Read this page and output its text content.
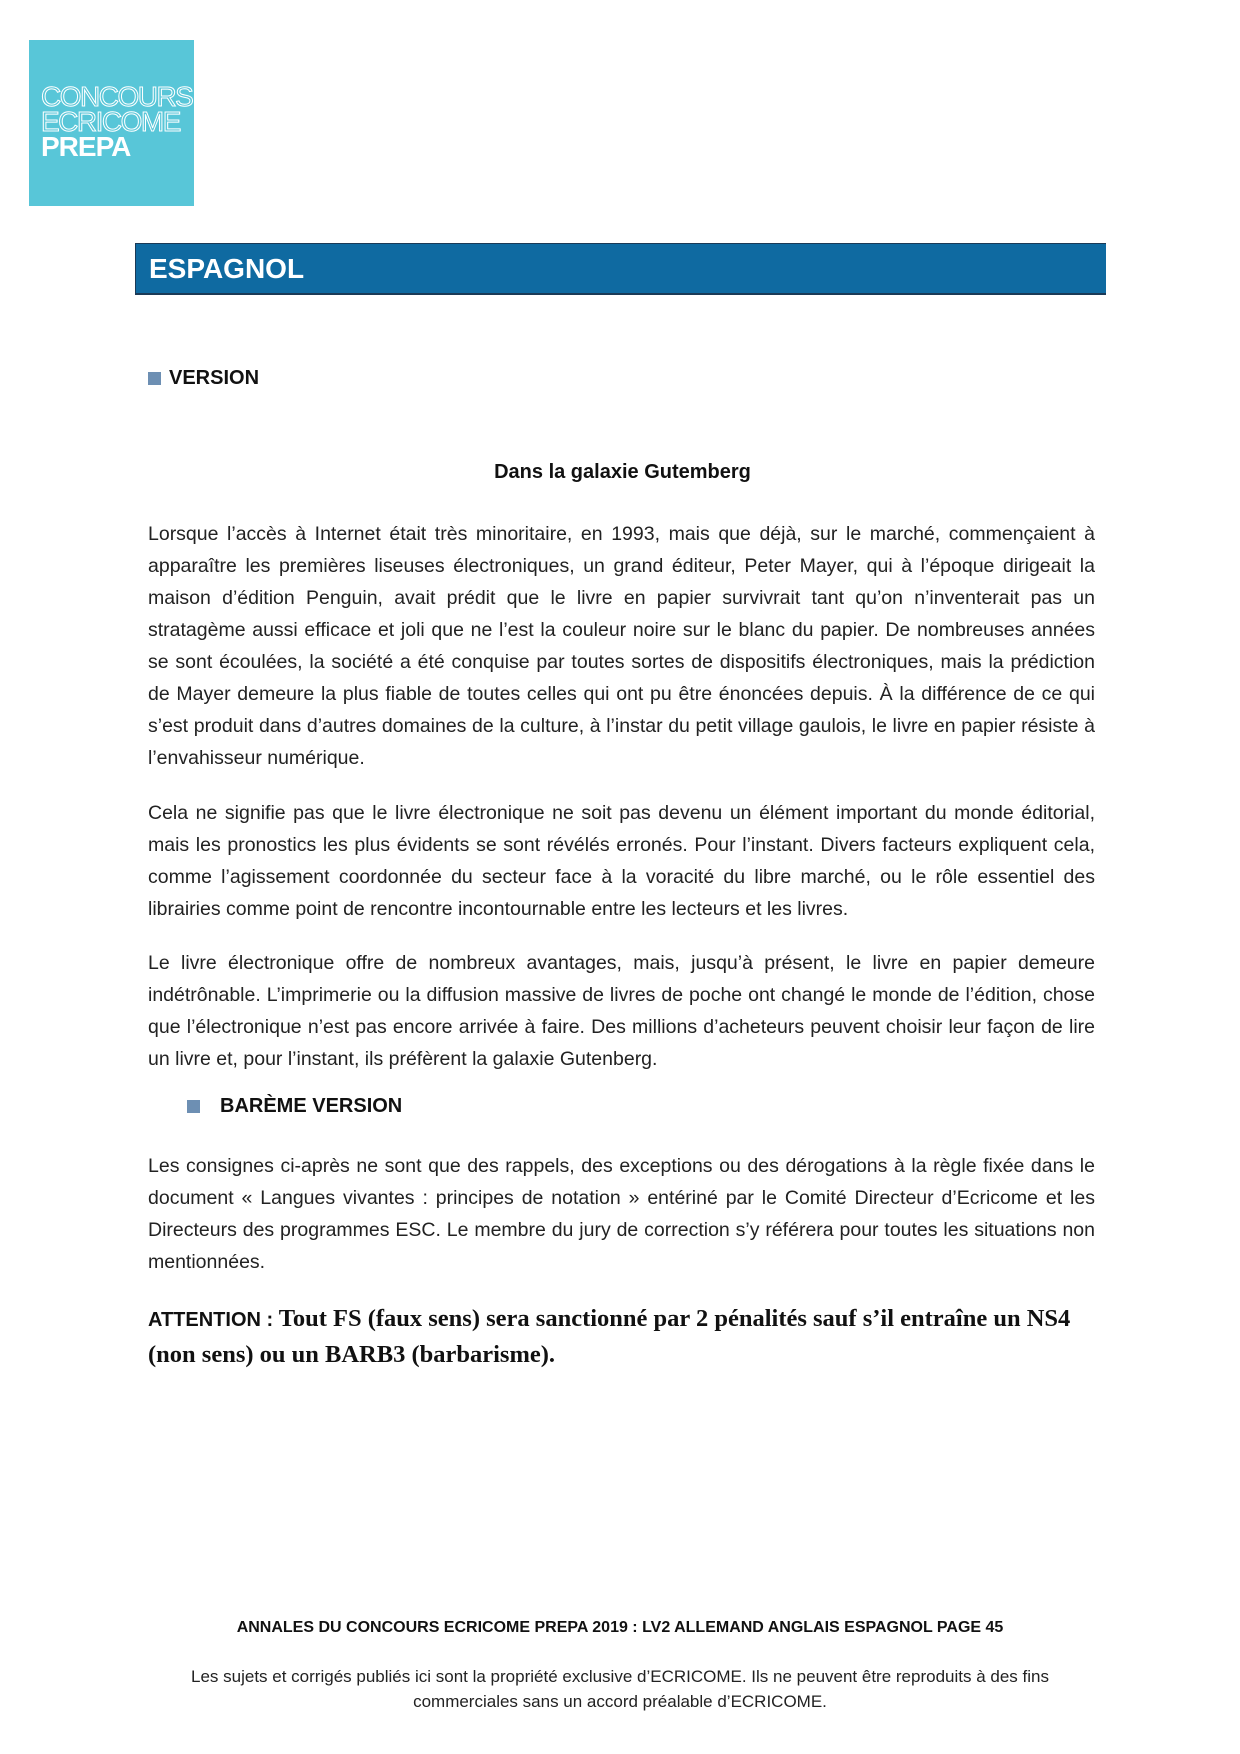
CONCOURS
ECRICOME
PREPA
ESPAGNOL
VERSION
Dans la galaxie Gutemberg

Lorsque l’accès à Internet était très minoritaire, en 1993, mais que déjà, sur le marché, commençaient à apparaître les premières liseuses électroniques, un grand éditeur, Peter Mayer, qui à l’époque dirigeait la maison d’édition Penguin, avait prédit que le livre en papier survivrait tant qu’on n’inventerait pas un stratagème aussi efficace et joli que ne l’est la couleur noire sur le blanc du papier. De nombreuses années se sont écoulées, la société a été conquise par toutes sortes de dispositifs électroniques, mais la prédiction de Mayer demeure la plus fiable de toutes celles qui ont pu être énoncées depuis. À la différence de ce qui s’est produit dans d’autres domaines de la culture, à l’instar du petit village gaulois, le livre en papier résiste à l’envahisseur numérique.

Cela ne signifie pas que le livre électronique ne soit pas devenu un élément important du monde éditorial, mais les pronostics les plus évidents se sont révélés erronés. Pour l’instant. Divers facteurs expliquent cela, comme l’agissement coordonnée du secteur face à la voracité du libre marché, ou le rôle essentiel des librairies comme point de rencontre incontournable entre les lecteurs et les livres.

Le livre électronique offre de nombreux avantages, mais, jusqu’à présent, le livre en papier demeure indétrônable. L’imprimerie ou la diffusion massive de livres de poche ont changé le monde de l’édition, chose que l’électronique n’est pas encore arrivée à faire. Des millions d’acheteurs peuvent choisir leur façon de lire un livre et, pour l’instant, ils préfèrent la galaxie Gutenberg.

BARÈME VERSION

Les consignes ci-après ne sont que des rappels, des exceptions ou des dérogations à la règle fixée dans le document « Langues vivantes : principes de notation » entériné par le Comité Directeur d’Ecricome et les Directeurs des programmes ESC. Le membre du jury de correction s’y référera pour toutes les situations non mentionnées.

ATTENTION : Tout FS (faux sens) sera sanctionné par 2 pénalités sauf s’il entraîne un NS4 (non sens) ou un BARB3 (barbarisme).
ANNALES DU CONCOURS ECRICOME PREPA 2019 : LV2 ALLEMAND ANGLAIS ESPAGNOL PAGE 45
Les sujets et corrigés publiés ici sont la propriété exclusive d’ECRICOME. Ils ne peuvent être reproduits à des fins commerciales sans un accord préalable d’ECRICOME.
